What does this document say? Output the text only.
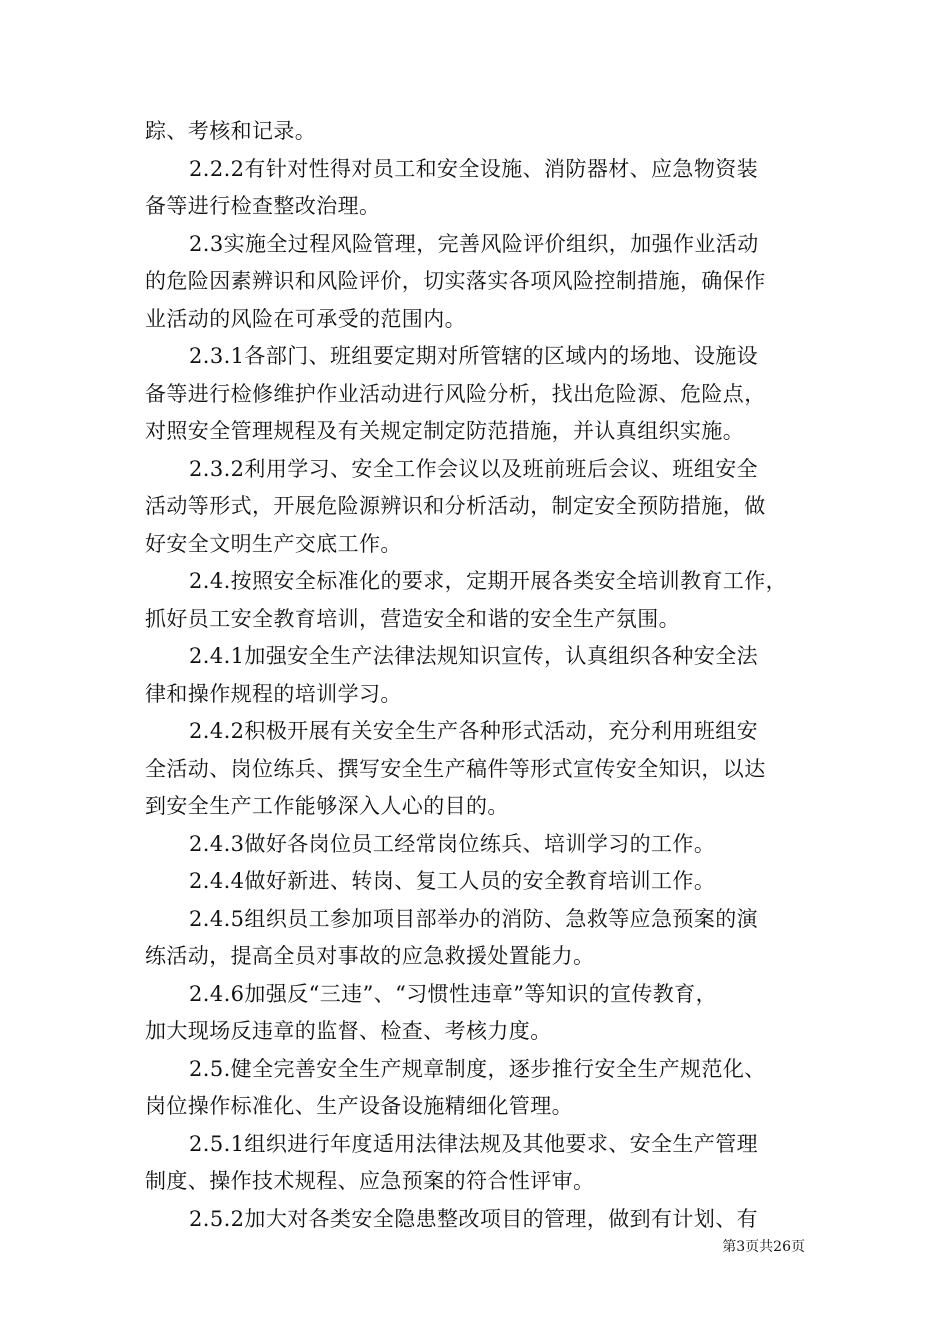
踪、考核和记录。
2.2.2有针对性得对员工和安全设施、消防器材、应急物资装
备等进行检查整改治理。
2.3实施全过程风险管理，完善风险评价组织，加强作业活动
的危险因素辨识和风险评价，切实落实各项风险控制措施，确保作
业活动的风险在可承受的范围内。
2.3.1各部门、班组要定期对所管辖的区域内的场地、设施设
备等进行检修维护作业活动进行风险分析，找出危险源、危险点，
对照安全管理规程及有关规定制定防范措施，并认真组织实施。
2.3.2利用学习、安全工作会议以及班前班后会议、班组安全
活动等形式，开展危险源辨识和分析活动，制定安全预防措施，做
好安全文明生产交底工作。
2.4.按照安全标准化的要求，定期开展各类安全培训教育工作，
抓好员工安全教育培训，营造安全和谐的安全生产氛围。
2.4.1加强安全生产法律法规知识宣传，认真组织各种安全法
律和操作规程的培训学习。
2.4.2积极开展有关安全生产各种形式活动，充分利用班组安
全活动、岗位练兵、撰写安全生产稿件等形式宣传安全知识，以达
到安全生产工作能够深入人心的目的。
2.4.3做好各岗位员工经常岗位练兵、培训学习的工作。
2.4.4做好新进、转岗、复工人员的安全教育培训工作。
2.4.5组织员工参加项目部举办的消防、急救等应急预案的演
练活动，提高全员对事故的应急救援处置能力。
2.4.6加强反“三违”、“习惯性违章”等知识的宣传教育，
加大现场反违章的监督、检查、考核力度。
2.5.健全完善安全生产规章制度，逐步推行安全生产规范化、
岗位操作标准化、生产设备设施精细化管理。
2.5.1组织进行年度适用法律法规及其他要求、安全生产管理
制度、操作技术规程、应急预案的符合性评审。
2.5.2加大对各类安全隐患整改项目的管理，做到有计划、有
第3页共26页
